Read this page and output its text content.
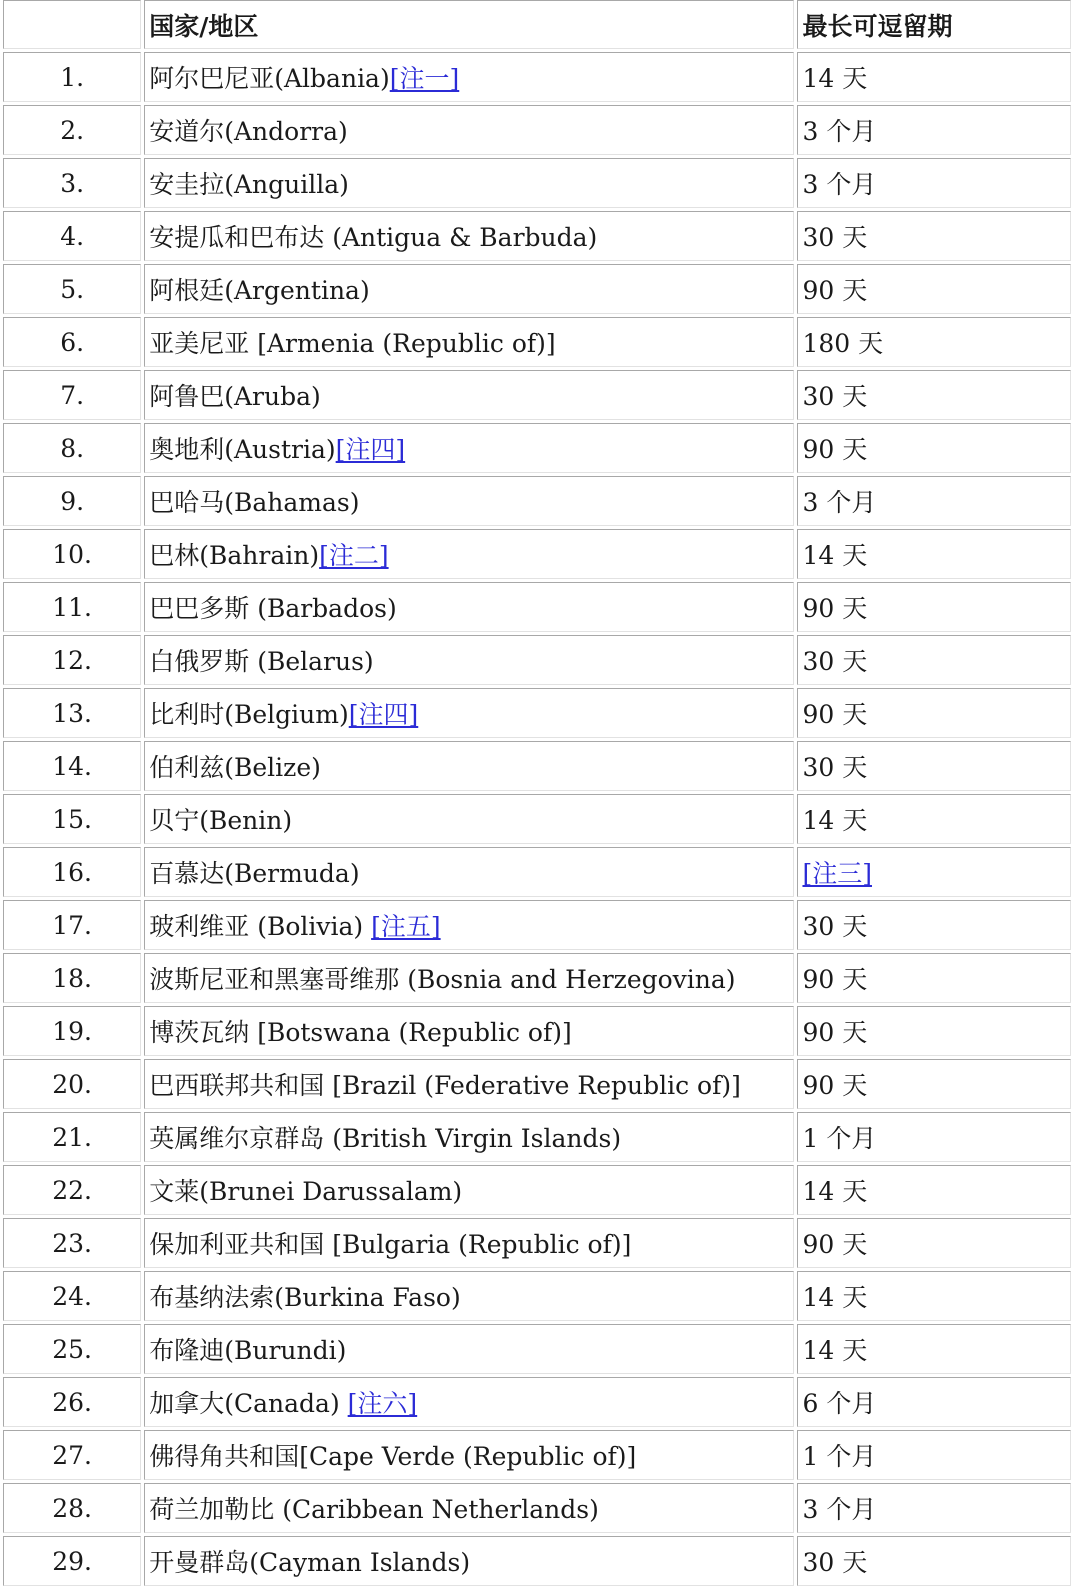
	国家/地区	最长可逗留期
1.	阿尔巴尼亚(Albania)[注一]	14 天
2.	安道尔(Andorra)	3 个月
3.	安圭拉(Anguilla)	3 个月
4.	安提瓜和巴布达 (Antigua & Barbuda)	30 天
5.	阿根廷(Argentina)	90 天
6.	亚美尼亚 [Armenia (Republic of)]	180 天
7.	阿鲁巴(Aruba)	30 天
8.	奥地利(Austria)[注四]	90 天
9.	巴哈马(Bahamas)	3 个月
10.	巴林(Bahrain)[注二]	14 天
11.	巴巴多斯 (Barbados)	90 天
12.	白俄罗斯 (Belarus)	30 天
13.	比利时(Belgium)[注四]	90 天
14.	伯利兹(Belize)	30 天
15.	贝宁(Benin)	14 天
16.	百慕达(Bermuda)	[注三]
17.	玻利维亚 (Bolivia) [注五]	30 天
18.	波斯尼亚和黑塞哥维那 (Bosnia and Herzegovina)	90 天
19.	博茨瓦纳 [Botswana (Republic of)]	90 天
20.	巴西联邦共和国 [Brazil (Federative Republic of)]	90 天
21.	英属维尔京群岛 (British Virgin Islands)	1 个月
22.	文莱(Brunei Darussalam)	14 天
23.	保加利亚共和国 [Bulgaria (Republic of)]	90 天
24.	布基纳法索(Burkina Faso)	14 天
25.	布隆迪(Burundi)	14 天
26.	加拿大(Canada) [注六]	6 个月
27.	佛得角共和国[Cape Verde (Republic of)]	1 个月
28.	荷兰加勒比 (Caribbean Netherlands)	3 个月
29.	开曼群岛(Cayman Islands)	30 天
